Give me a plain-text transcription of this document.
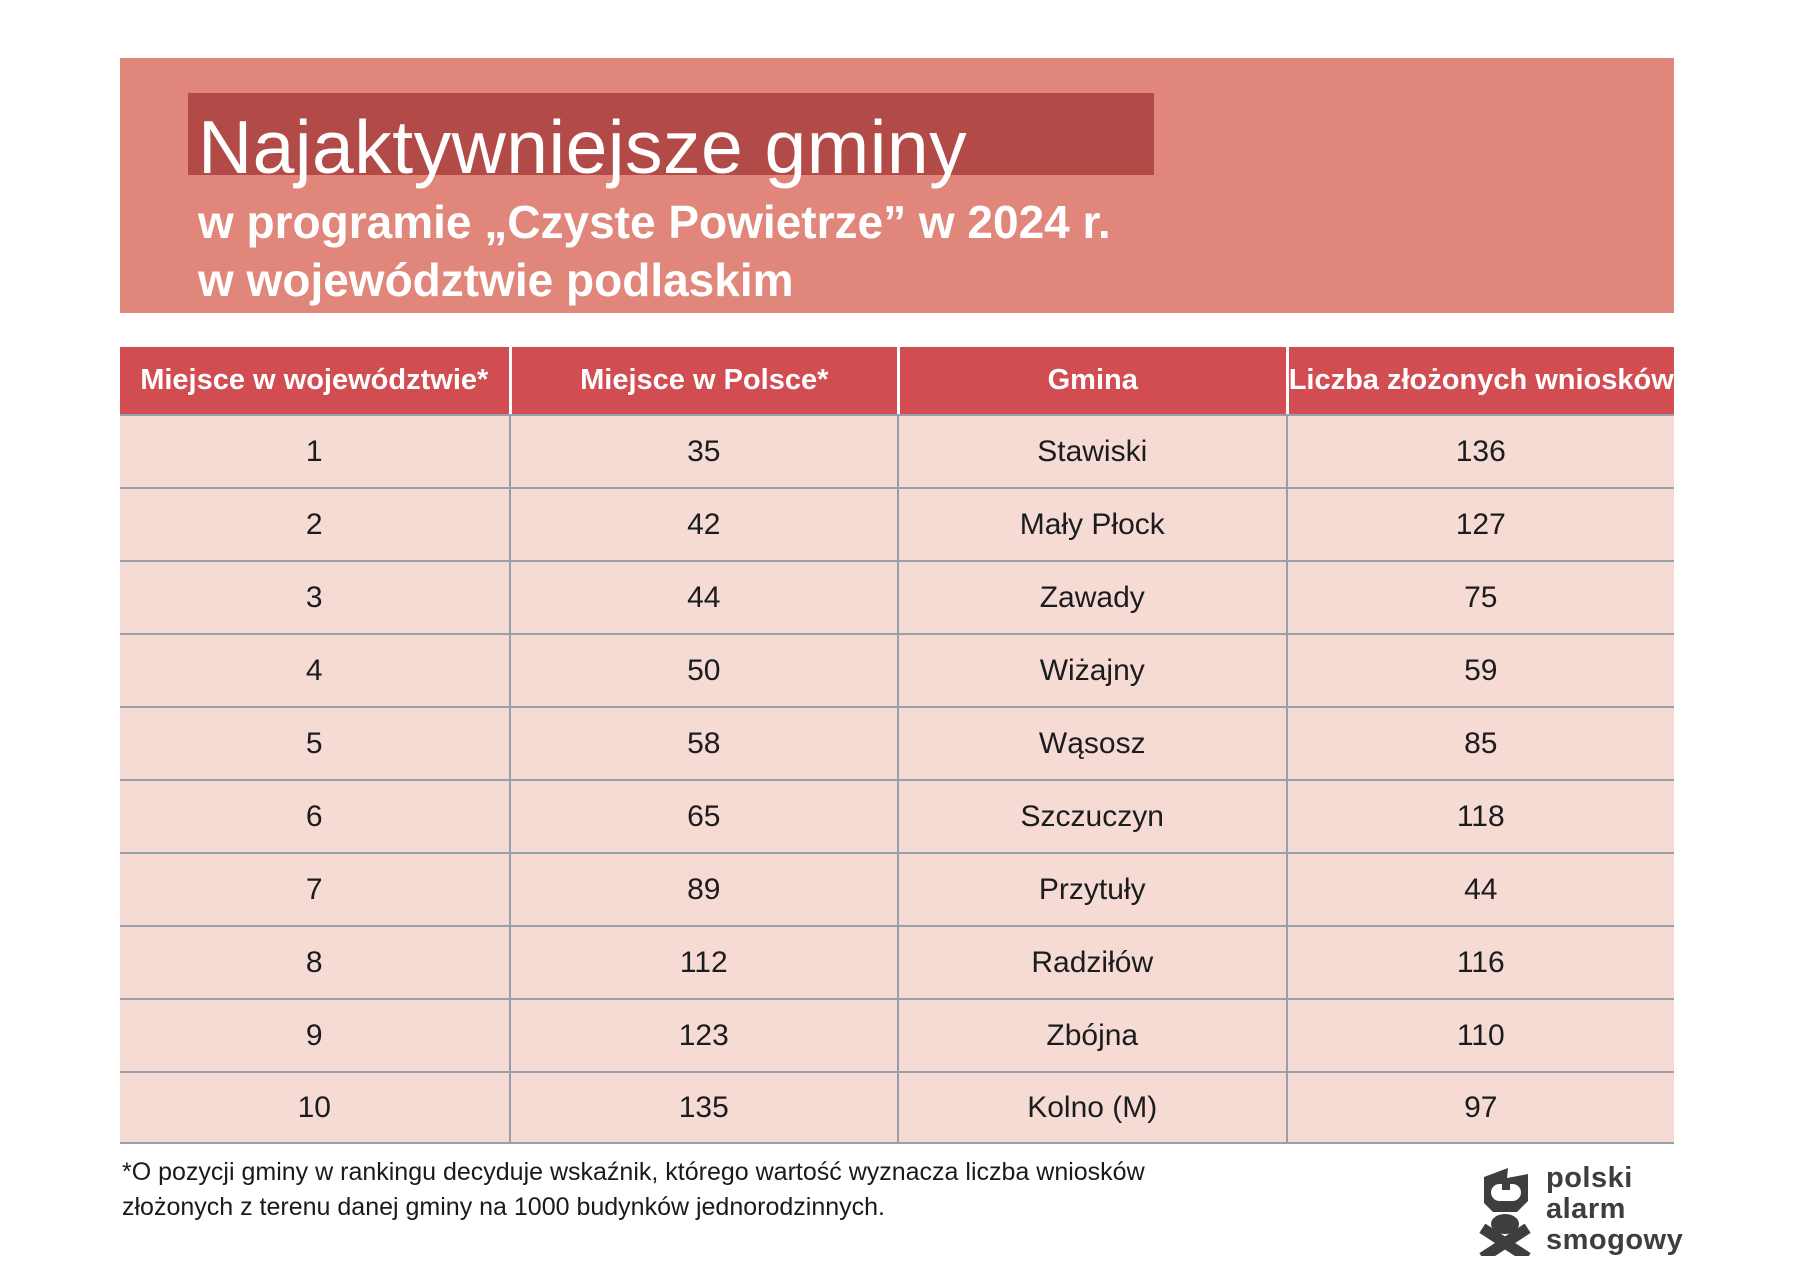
Najaktywniejsze gminy
w programie „Czyste Powietrze” w 2024 r.
w województwie podlaskim
Miejsce w województwie*	Miejsce w Polsce*	Gmina	Liczba złożonych wniosków
1	35	Stawiski	136
2	42	Mały Płock	127
3	44	Zawady	75
4	50	Wiżajny	59
5	58	Wąsosz	85
6	65	Szczuczyn	118
7	89	Przytuły	44
8	112	Radziłów	116
9	123	Zbójna	110
10	135	Kolno (M)	97

*O pozycji gminy w rankingu decyduje wskaźnik, którego wartość wyznacza liczba wniosków
złożonych z terenu danej gminy na 1000 budynków jednorodzinnych.

polski
alarm
smogowy
